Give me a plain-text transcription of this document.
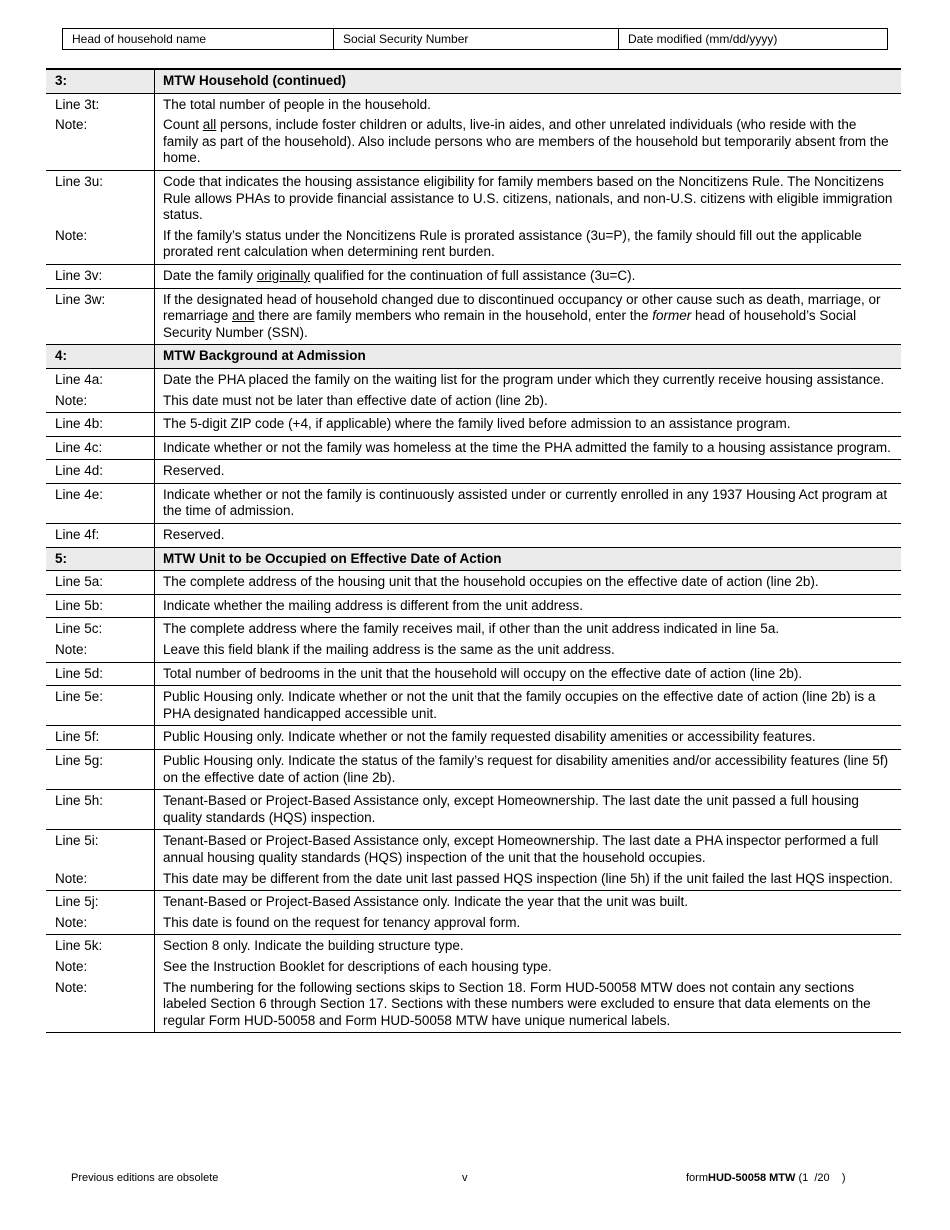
Head of household name	Social Security Number	Date modified (mm/dd/yyyy)
3:	MTW Household (continued)
Line 3t:	The total number of people in the household.
Note:	Count all persons, include foster children or adults, live-in aides, and other unrelated individuals (who reside with the family as part of the household). Also include persons who are members of the household but temporarily absent from the home.
Line 3u:	Code that indicates the housing assistance eligibility for family members based on the Noncitizens Rule. The Noncitizens Rule allows PHAs to provide financial assistance to U.S. citizens, nationals, and non-U.S. citizens with eligible immigration status.
Note:	If the family’s status under the Noncitizens Rule is prorated assistance (3u=P), the family should fill out the applicable prorated rent calculation when determining rent burden.
Line 3v:	Date the family originally qualified for the continuation of full assistance (3u=C).
Line 3w:	If the designated head of household changed due to discontinued occupancy or other cause such as death, marriage, or remarriage and there are family members who remain in the household, enter the former head of household’s Social Security Number (SSN).
4:	MTW Background at Admission
Line 4a:	Date the PHA placed the family on the waiting list for the program under which they currently receive housing assistance.
Note:	This date must not be later than effective date of action (line 2b).
Line 4b:	The 5-digit ZIP code (+4, if applicable) where the family lived before admission to an assistance program.
Line 4c:	Indicate whether or not the family was homeless at the time the PHA admitted the family to a housing assistance program.
Line 4d:	Reserved.
Line 4e:	Indicate whether or not the family is continuously assisted under or currently enrolled in any 1937 Housing Act program at the time of admission.
Line 4f:	Reserved.
5:	MTW Unit to be Occupied on Effective Date of Action
Line 5a:	The complete address of the housing unit that the household occupies on the effective date of action (line 2b).
Line 5b:	Indicate whether the mailing address is different from the unit address.
Line 5c:	The complete address where the family receives mail, if other than the unit address indicated in line 5a.
Note:	Leave this field blank if the mailing address is the same as the unit address.
Line 5d:	Total number of bedrooms in the unit that the household will occupy on the effective date of action (line 2b).
Line 5e:	Public Housing only. Indicate whether or not the unit that the family occupies on the effective date of action (line 2b) is a PHA designated handicapped accessible unit.
Line 5f:	Public Housing only. Indicate whether or not the family requested disability amenities or accessibility features.
Line 5g:	Public Housing only. Indicate the status of the family’s request for disability amenities and/or accessibility features (line 5f) on the effective date of action (line 2b).
Line 5h:	Tenant-Based or Project-Based Assistance only, except Homeownership. The last date the unit passed a full housing quality standards (HQS) inspection.
Line 5i:	Tenant-Based or Project-Based Assistance only, except Homeownership. The last date a PHA inspector performed a full annual housing quality standards (HQS) inspection of the unit that the household occupies.
Note:	This date may be different from the date unit last passed HQS inspection (line 5h) if the unit failed the last HQS inspection.
Line 5j:	Tenant-Based or Project-Based Assistance only. Indicate the year that the unit was built.
Note:	This date is found on the request for tenancy approval form.
Line 5k:	Section 8 only. Indicate the building structure type.
Note:	See the Instruction Booklet for descriptions of each housing type.
Note:	The numbering for the following sections skips to Section 18. Form HUD-50058 MTW does not contain any sections labeled Section 6 through Section 17. Sections with these numbers were excluded to ensure that data elements on the regular Form HUD-50058 and Form HUD-50058 MTW have unique numerical labels.
Previous editions are obsolete	v	formHUD-50058 MTW (1  /20    )
